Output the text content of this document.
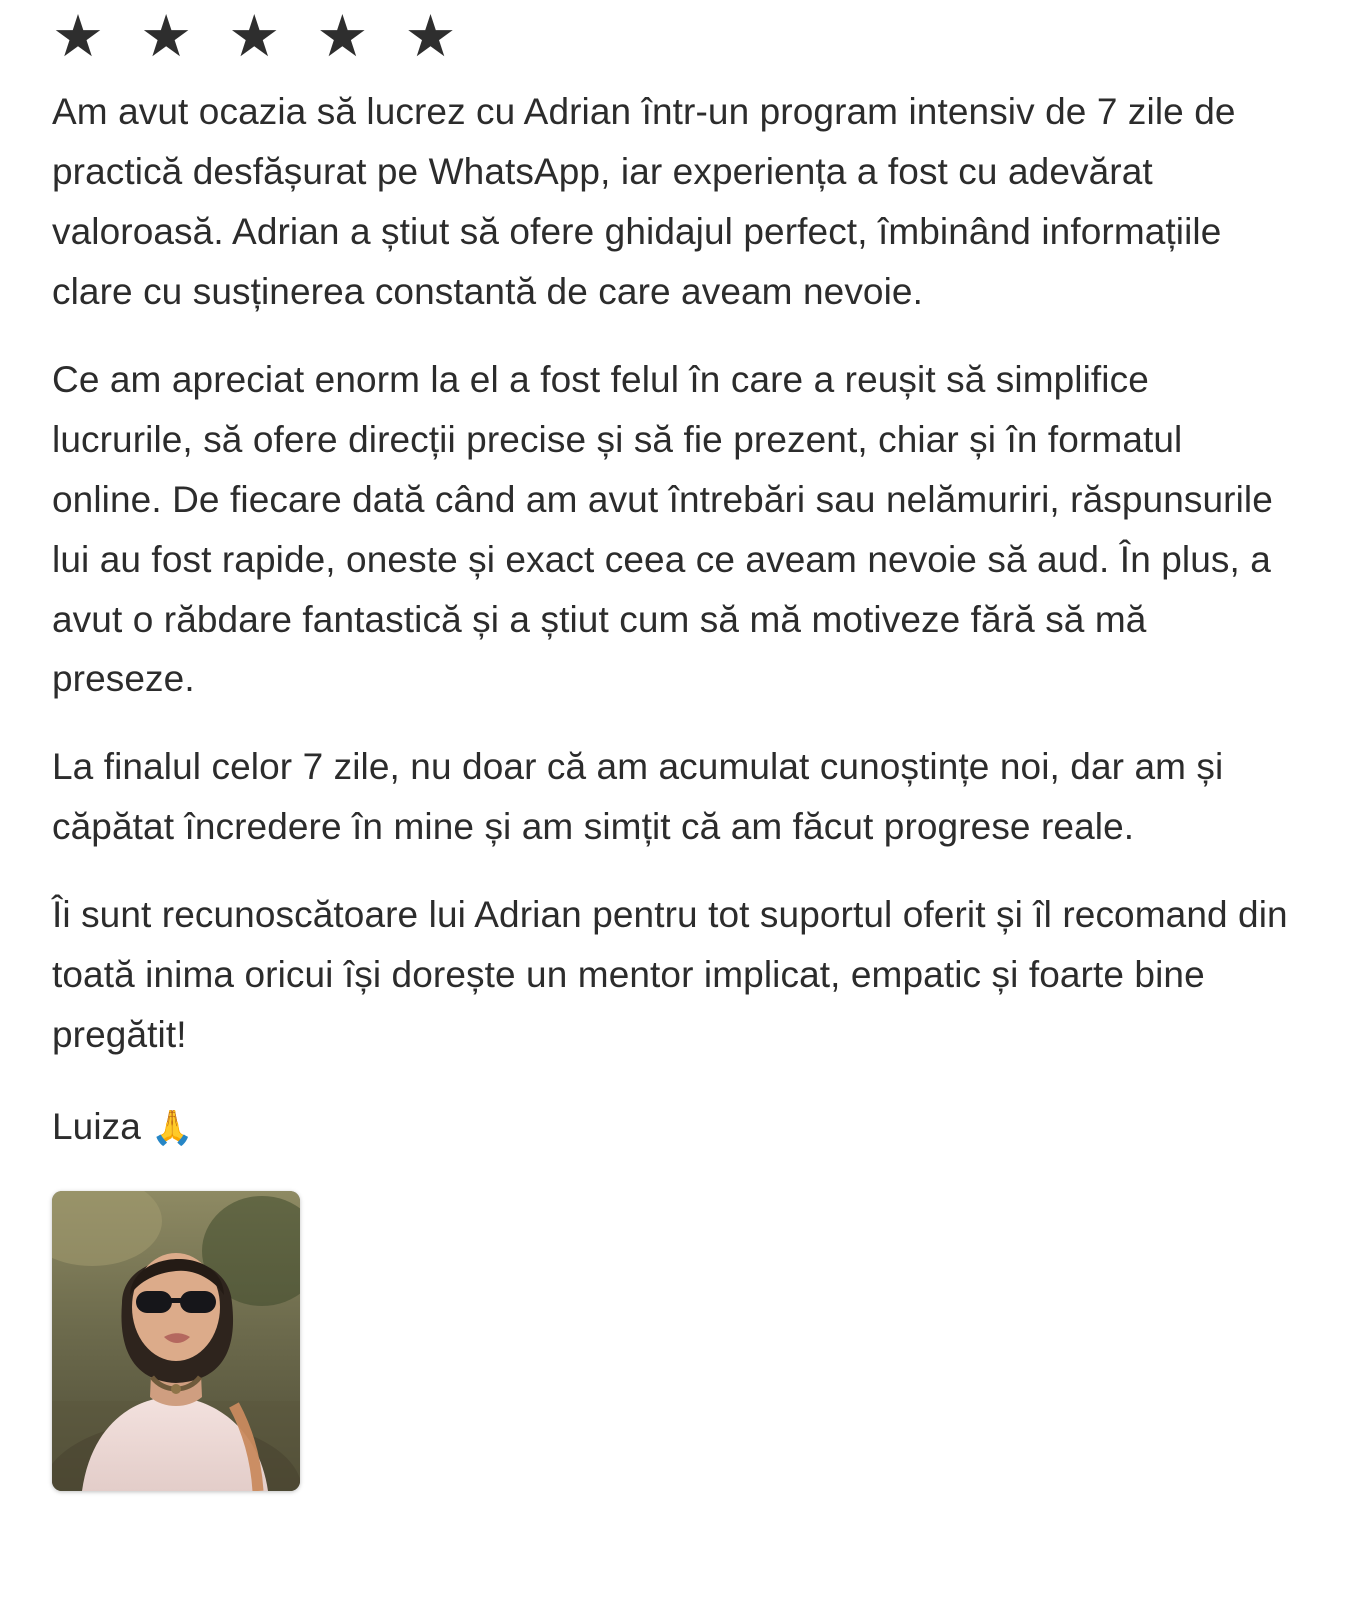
★ ★ ★ ★ ★

Am avut ocazia să lucrez cu Adrian într-un program intensiv de 7 zile de practică desfășurat pe WhatsApp, iar experiența a fost cu adevărat valoroasă. Adrian a știut să ofere ghidajul perfect, îmbinând informațiile clare cu susținerea constantă de care aveam nevoie.

Ce am apreciat enorm la el a fost felul în care a reușit să simplifice lucrurile, să ofere direcții precise și să fie prezent, chiar și în formatul online. De fiecare dată când am avut întrebări sau nelămuriri, răspunsurile lui au fost rapide, oneste și exact ceea ce aveam nevoie să aud. În plus, a avut o răbdare fantastică și a știut cum să mă motiveze fără să mă preseze.

La finalul celor 7 zile, nu doar că am acumulat cunoștințe noi, dar am și căpătat încredere în mine și am simțit că am făcut progrese reale.

Îi sunt recunoscătoare lui Adrian pentru tot suportul oferit și îl recomand din toată inima oricui își dorește un mentor implicat, empatic și foarte bine pregătit!

Luiza 🙏
